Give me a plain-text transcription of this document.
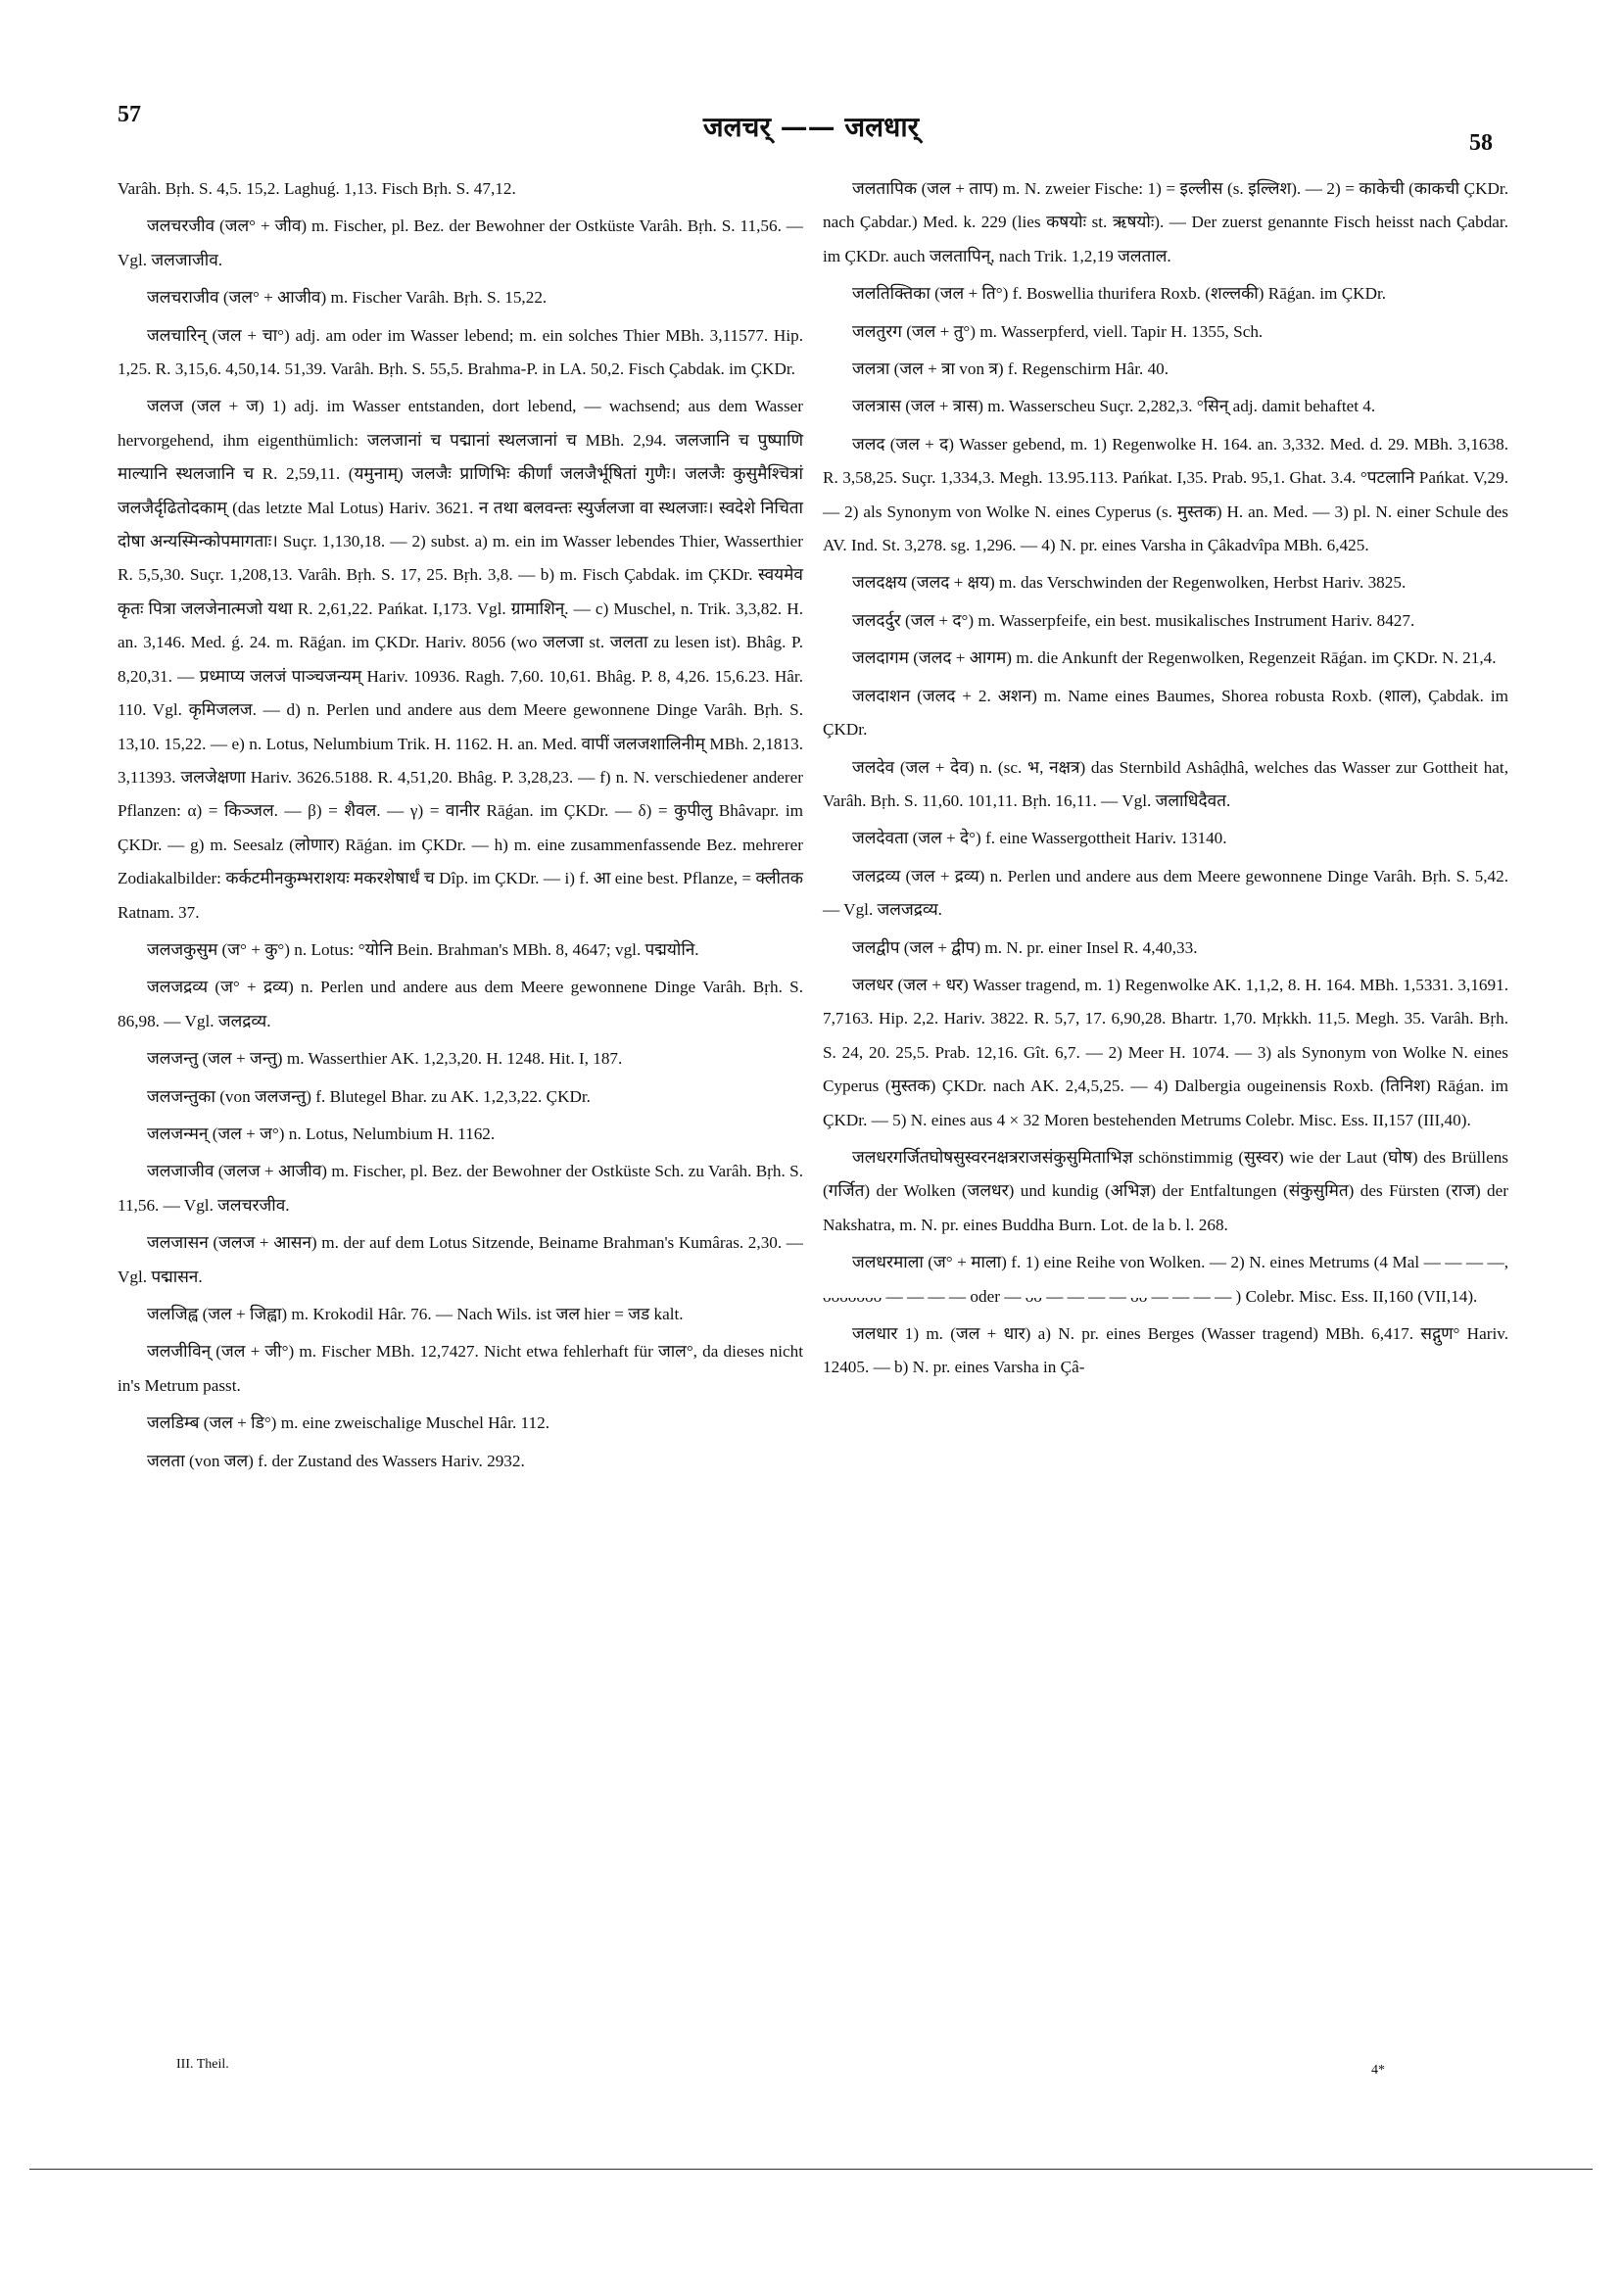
57	जलचर् —— जलधार्	58

Varâh. Bṛh. S. 4,5. 15,2. Laghuǵ. 1,13. Fisch Bṛh. S. 47,12.

जलचरजीव (जल° + जीव) m. Fischer, pl. Bez. der Bewohner der Ostküste Varâh. Bṛh. S. 11,56. — Vgl. जलजाजीव.

जलचराजीव (जल° + आजीव) m. Fischer Varâh. Bṛh. S. 15,22.

जलचारिन् (जल + चा°) adj. am oder im Wasser lebend; m. ein solches Thier MBh. 3,11577. Hip. 1,25. R. 3,15,6. 4,50,14. 51,39. Varâh. Bṛh. S. 55,5. Brahma-P. in LA. 50,2. Fisch Çabdak. im ÇKDr.

जलज (जल + ज) 1) adj. im Wasser entstanden, dort lebend, — wachsend; aus dem Wasser hervorgehend, ihm eigenthümlich: जलजानां च पद्मानां स्थलजानां च MBh. 2,94. जलजानि च पुष्पाणि माल्यानि स्थलजानि च R. 2,59,11. (यमुनाम्) जलजैः प्राणिभिः कीर्णां जलजैर्भूषितां गुणैः। जलजैः कुसुमैश्चित्रां जलजैर्दृढितोदकाम् (das letzte Mal Lotus) Hariv. 3621. न तथा बलवन्तः स्युर्जलजा वा स्थलजाः। स्वदेशे निचिता दोषा अन्यस्मिन्कोपमागताः। Suçr. 1,130,18. — 2) subst. a) m. ein im Wasser lebendes Thier, Wasserthier R. 5,5,30. Suçr. 1,208,13. Varâh. Bṛh. S. 17, 25. Bṛh. 3,8. — b) m. Fisch Çabdak. im ÇKDr. स्वयमेव कृतः पित्रा जलजेनात्मजो यथा R. 2,61,22. Pańkat. I,173. Vgl. ग्रामाशिन्. — c) Muschel, n. Trik. 3,3,82. H. an. 3,146. Med. ǵ. 24. m. Rāǵan. im ÇKDr. Hariv. 8056 (wo जलजा st. जलता zu lesen ist). Bhâg. P. 8,20,31. — प्रध्माप्य जलजं पाञ्चजन्यम् Hariv. 10936. Ragh. 7,60. 10,61. Bhâg. P. 8, 4,26. 15,6.23. Hâr. 110. Vgl. कृमिजलज. — d) n. Perlen und andere aus dem Meere gewonnene Dinge Varâh. Bṛh. S. 13,10. 15,22. — e) n. Lotus, Nelumbium Trik. H. 1162. H. an. Med. वापीं जलजशालिनीम् MBh. 2,1813. 3,11393. जलजेक्षणा Hariv. 3626.5188. R. 4,51,20. Bhâg. P. 3,28,23. — f) n. N. verschiedener anderer Pflanzen: α) = किञ्जल. — β) = शैवल. — γ) = वानीर Rāǵan. im ÇKDr. — δ) = कुपीलु Bhâvapr. im ÇKDr. — g) m. Seesalz (लोणार) Rāǵan. im ÇKDr. — h) m. eine zusammenfassende Bez. mehrerer Zodiakalbilder: कर्कटमीनकुम्भराशयः मकरशेषार्धं च Dîp. im ÇKDr. — i) f. आ eine best. Pflanze, = क्लीतक Ratnam. 37.

जलजकुसुम (ज° + कु°) n. Lotus: °योनि Bein. Brahman's MBh. 8, 4647; vgl. पद्मयोनि.

जलजद्रव्य (ज° + द्रव्य) n. Perlen und andere aus dem Meere gewonnene Dinge Varâh. Bṛh. S. 86,98. — Vgl. जलद्रव्य.

जलजन्तु (जल + जन्तु) m. Wasserthier AK. 1,2,3,20. H. 1248. Hit. I, 187.

जलजन्तुका (von जलजन्तु) f. Blutegel Bhar. zu AK. 1,2,3,22. ÇKDr.

जलजन्मन् (जल + ज°) n. Lotus, Nelumbium H. 1162.

जलजाजीव (जलज + आजीव) m. Fischer, pl. Bez. der Bewohner der Ostküste Sch. zu Varâh. Bṛh. S. 11,56. — Vgl. जलचरजीव.

जलजासन (जलज + आसन) m. der auf dem Lotus Sitzende, Beiname Brahman's Kumâras. 2,30. — Vgl. पद्मासन.

जलजिह्व (जल + जिह्वा) m. Krokodil Hâr. 76. — Nach Wils. ist जल hier = जड kalt.

जलजीविन् (जल + जी°) m. Fischer MBh. 12,7427. Nicht etwa fehlerhaft für जाल°, da dieses nicht in's Metrum passt.

जलडिम्ब (जल + डि°) m. eine zweischalige Muschel Hâr. 112.

जलता (von जल) f. der Zustand des Wassers Hariv. 2932.

जलतापिक (जल + ताप) m. N. zweier Fische: 1) = इल्लीस (s. इल्लिश). — 2) = काकेची (काकची ÇKDr. nach Çabdar.) Med. k. 229 (lies कषयोः st. ऋषयोः). — Der zuerst genannte Fisch heisst nach Çabdar. im ÇKDr. auch जलतापिन्, nach Trik. 1,2,19 जलताल.

जलतिक्तिका (जल + ति°) f. Boswellia thurifera Roxb. (शल्लकी) Rāǵan. im ÇKDr.

जलतुरग (जल + तु°) m. Wasserpferd, viell. Tapir H. 1355, Sch.

जलत्रा (जल + त्रा von त्र) f. Regenschirm Hâr. 40.

जलत्रास (जल + त्रास) m. Wasserscheu Suçr. 2,282,3. °सिन् adj. damit behaftet 4.

जलद (जल + द) Wasser gebend, m. 1) Regenwolke H. 164. an. 3,332. Med. d. 29. MBh. 3,1638. R. 3,58,25. Suçr. 1,334,3. Megh. 13.95.113. Pańkat. I,35. Prab. 95,1. Ghat. 3.4. °पटलानि Pańkat. V,29. — 2) als Synonym von Wolke N. eines Cyperus (s. मुस्तक) H. an. Med. — 3) pl. N. einer Schule des AV. Ind. St. 3,278. sg. 1,296. — 4) N. pr. eines Varsha in Çâkadvîpa MBh. 6,425.

जलदक्षय (जलद + क्षय) m. das Verschwinden der Regenwolken, Herbst Hariv. 3825.

जलदर्दुर (जल + द°) m. Wasserpfeife, ein best. musikalisches Instrument Hariv. 8427.

जलदागम (जलद + आगम) m. die Ankunft der Regenwolken, Regenzeit Rāǵan. im ÇKDr. N. 21,4.

जलदाशन (जलद + 2. अशन) m. Name eines Baumes, Shorea robusta Roxb. (शाल), Çabdak. im ÇKDr.

जलदेव (जल + देव) n. (sc. भ, नक्षत्र) das Sternbild Ashâḍhâ, welches das Wasser zur Gottheit hat, Varâh. Bṛh. S. 11,60. 101,11. Bṛh. 16,11. — Vgl. जलाधिदैवत.

जलदेवता (जल + दे°) f. eine Wassergottheit Hariv. 13140.

जलद्रव्य (जल + द्रव्य) n. Perlen und andere aus dem Meere gewonnene Dinge Varâh. Bṛh. S. 5,42. — Vgl. जलजद्रव्य.

जलद्वीप (जल + द्वीप) m. N. pr. einer Insel R. 4,40,33.

जलधर (जल + धर) Wasser tragend, m. 1) Regenwolke AK. 1,1,2, 8. H. 164. MBh. 1,5331. 3,1691. 7,7163. Hip. 2,2. Hariv. 3822. R. 5,7, 17. 6,90,28. Bhartr. 1,70. Mṛkkh. 11,5. Megh. 35. Varâh. Bṛh. S. 24, 20. 25,5. Prab. 12,16. Gît. 6,7. — 2) Meer H. 1074. — 3) als Synonym von Wolke N. eines Cyperus (मुस्तक) ÇKDr. nach AK. 2,4,5,25. — 4) Dalbergia ougeinensis Roxb. (तिनिश) Rāǵan. im ÇKDr. — 5) N. eines aus 4 × 32 Moren bestehenden Metrums Colebr. Misc. Ess. II,157 (III,40).

जलधरगर्जितघोषसुस्वरनक्षत्रराजसंकुसुमिताभिज्ञ schönstimmig (सुस्वर) wie der Laut (घोष) des Brüllens (गर्जित) der Wolken (जलधर) und kundig (अभिज्ञ) der Entfaltungen (संकुसुमित) des Fürsten (राज) der Nakshatra, m. N. pr. eines Buddha Burn. Lot. de la b. l. 268.

जलधरमाला (ज° + माला) f. 1) eine Reihe von Wolken. — 2) N. eines Metrums (4 Mal — — — —, ᴗᴗᴗᴗᴗᴗᴗ — — — — oder — ᴗᴗ — — — — ᴗᴗ — — — — ) Colebr. Misc. Ess. II,160 (VII,14).

जलधार 1) m. (जल + धार) a) N. pr. eines Berges (Wasser tragend) MBh. 6,417. सद्गुण° Hariv. 12405. — b) N. pr. eines Varsha in Çâ-

III. Theil.	4*
